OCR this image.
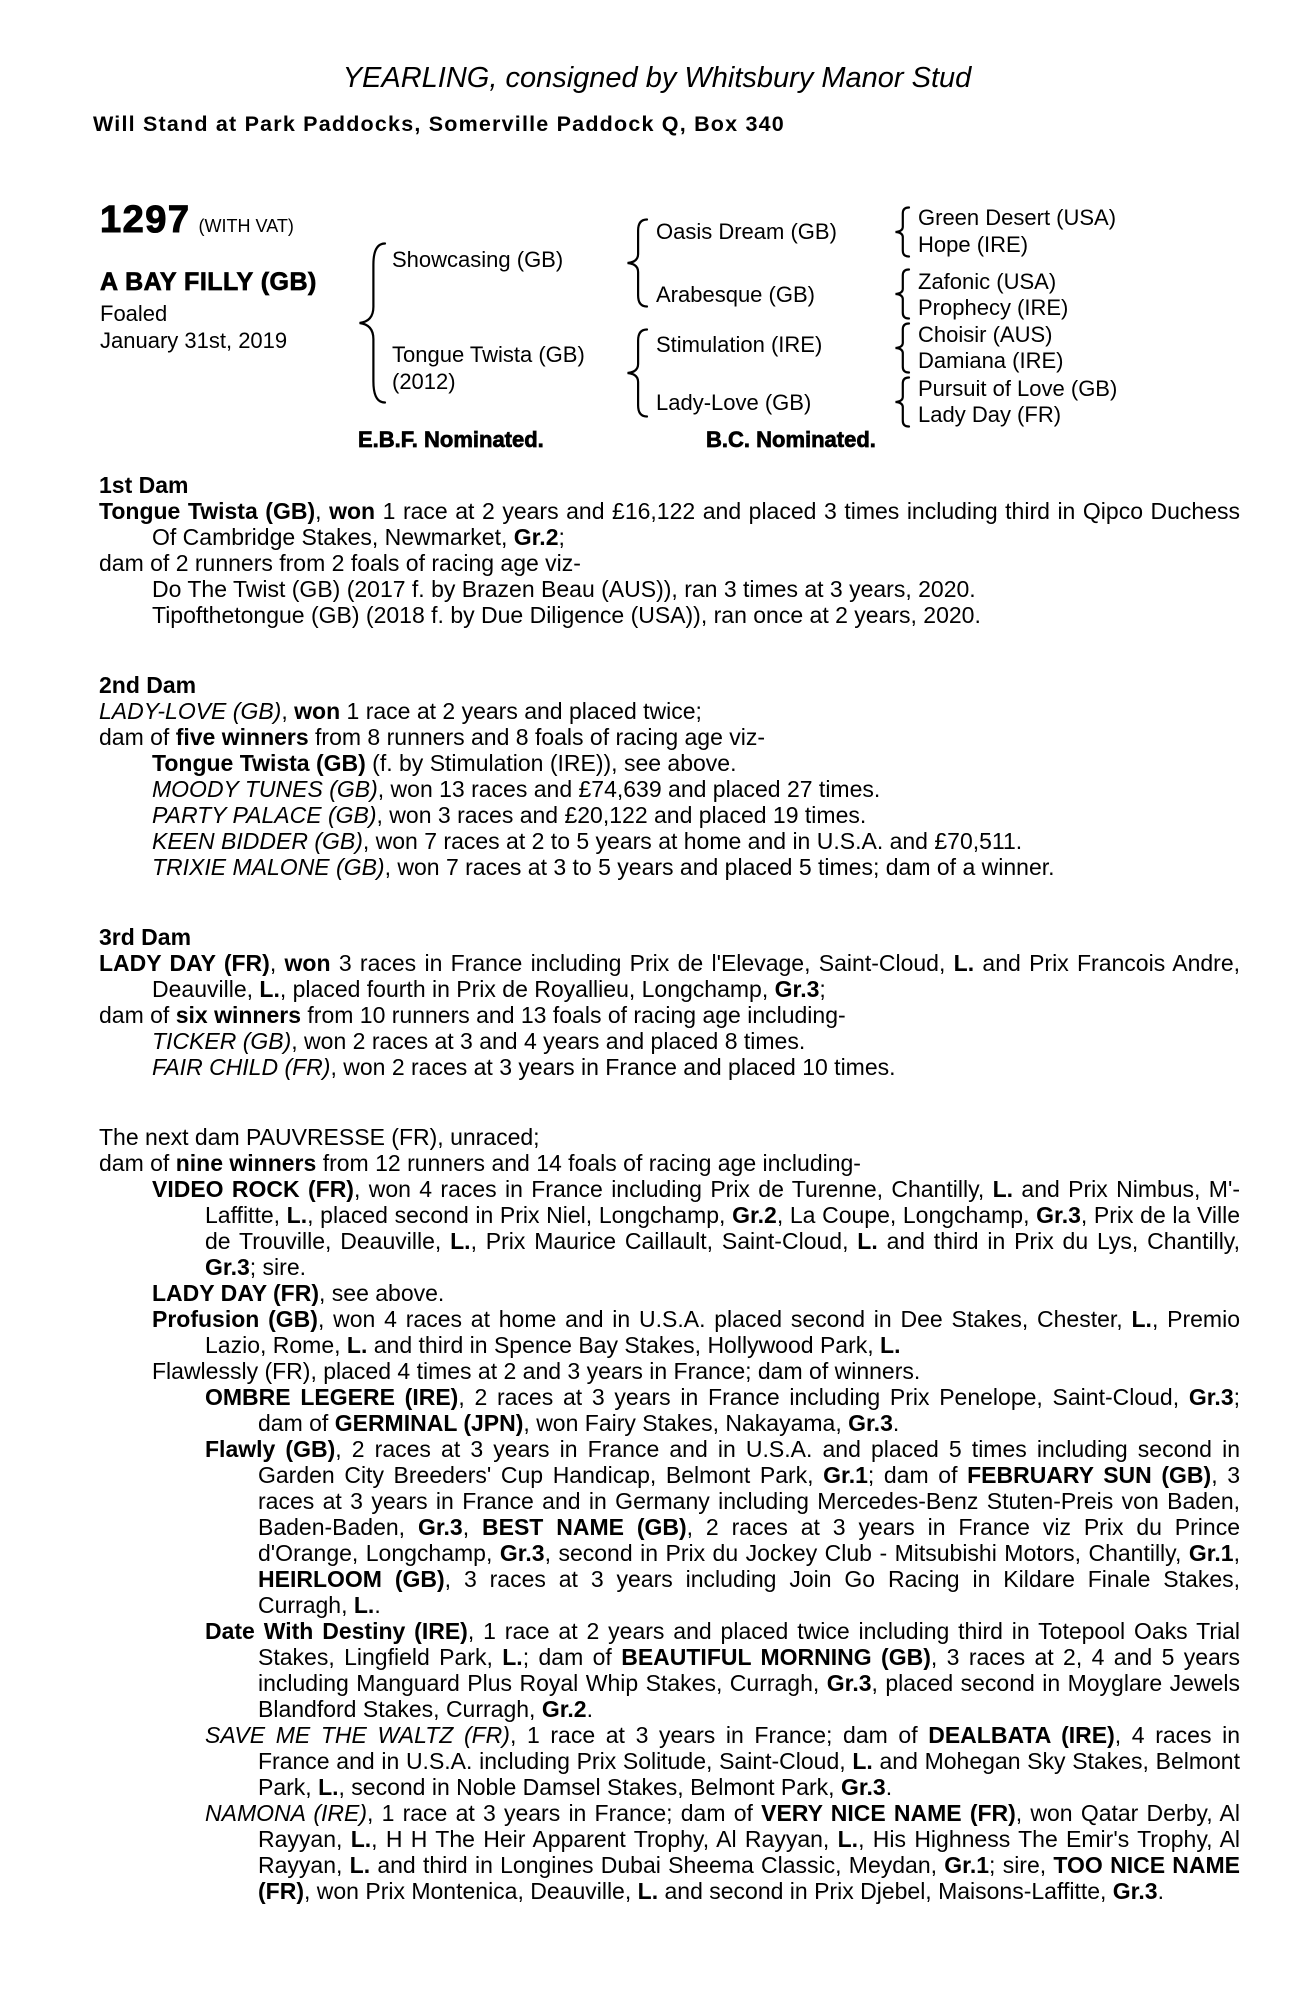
YEARLING, consigned by Whitsbury Manor Stud
Will Stand at Park Paddocks, Somerville Paddock Q, Box 340
1297 (WITH VAT)
A BAY FILLY (GB)
Foaled
January 31st, 2019
Showcasing (GB)
Tongue Twista (GB)
(2012)
Oasis Dream (GB)
Arabesque (GB)
Stimulation (IRE)
Lady-Love (GB)
Green Desert (USA)
Hope (IRE)
Zafonic (USA)
Prophecy (IRE)
Choisir (AUS)
Damiana (IRE)
Pursuit of Love (GB)
Lady Day (FR)
E.B.F. Nominated.	B.C. Nominated.
1st Dam
Tongue Twista (GB), won 1 race at 2 years and £16,122 and placed 3 times including third in Qipco Duchess Of Cambridge Stakes, Newmarket, Gr.2;
dam of 2 runners from 2 foals of racing age viz-
Do The Twist (GB) (2017 f. by Brazen Beau (AUS)), ran 3 times at 3 years, 2020.
Tipofthetongue (GB) (2018 f. by Due Diligence (USA)), ran once at 2 years, 2020.
2nd Dam
LADY-LOVE (GB), won 1 race at 2 years and placed twice;
dam of five winners from 8 runners and 8 foals of racing age viz-
Tongue Twista (GB) (f. by Stimulation (IRE)), see above.
MOODY TUNES (GB), won 13 races and £74,639 and placed 27 times.
PARTY PALACE (GB), won 3 races and £20,122 and placed 19 times.
KEEN BIDDER (GB), won 7 races at 2 to 5 years at home and in U.S.A. and £70,511.
TRIXIE MALONE (GB), won 7 races at 3 to 5 years and placed 5 times; dam of a winner.
3rd Dam
LADY DAY (FR), won 3 races in France including Prix de l'Elevage, Saint-Cloud, L. and Prix Francois Andre, Deauville, L., placed fourth in Prix de Royallieu, Longchamp, Gr.3;
dam of six winners from 10 runners and 13 foals of racing age including-
TICKER (GB), won 2 races at 3 and 4 years and placed 8 times.
FAIR CHILD (FR), won 2 races at 3 years in France and placed 10 times.
The next dam PAUVRESSE (FR), unraced;
dam of nine winners from 12 runners and 14 foals of racing age including-
VIDEO ROCK (FR), won 4 races in France including Prix de Turenne, Chantilly, L. and Prix Nimbus, M'-Laffitte, L., placed second in Prix Niel, Longchamp, Gr.2, La Coupe, Longchamp, Gr.3, Prix de la Ville de Trouville, Deauville, L., Prix Maurice Caillault, Saint-Cloud, L. and third in Prix du Lys, Chantilly, Gr.3; sire.
LADY DAY (FR), see above.
Profusion (GB), won 4 races at home and in U.S.A. placed second in Dee Stakes, Chester, L., Premio Lazio, Rome, L. and third in Spence Bay Stakes, Hollywood Park, L.
Flawlessly (FR), placed 4 times at 2 and 3 years in France; dam of winners.
OMBRE LEGERE (IRE), 2 races at 3 years in France including Prix Penelope, Saint-Cloud, Gr.3; dam of GERMINAL (JPN), won Fairy Stakes, Nakayama, Gr.3.
Flawly (GB), 2 races at 3 years in France and in U.S.A. and placed 5 times including second in Garden City Breeders' Cup Handicap, Belmont Park, Gr.1; dam of FEBRUARY SUN (GB), 3 races at 3 years in France and in Germany including Mercedes-Benz Stuten-Preis von Baden, Baden-Baden, Gr.3, BEST NAME (GB), 2 races at 3 years in France viz Prix du Prince d'Orange, Longchamp, Gr.3, second in Prix du Jockey Club - Mitsubishi Motors, Chantilly, Gr.1, HEIRLOOM (GB), 3 races at 3 years including Join Go Racing in Kildare Finale Stakes, Curragh, L..
Date With Destiny (IRE), 1 race at 2 years and placed twice including third in Totepool Oaks Trial Stakes, Lingfield Park, L.; dam of BEAUTIFUL MORNING (GB), 3 races at 2, 4 and 5 years including Manguard Plus Royal Whip Stakes, Curragh, Gr.3, placed second in Moyglare Jewels Blandford Stakes, Curragh, Gr.2.
SAVE ME THE WALTZ (FR), 1 race at 3 years in France; dam of DEALBATA (IRE), 4 races in France and in U.S.A. including Prix Solitude, Saint-Cloud, L. and Mohegan Sky Stakes, Belmont Park, L., second in Noble Damsel Stakes, Belmont Park, Gr.3.
NAMONA (IRE), 1 race at 3 years in France; dam of VERY NICE NAME (FR), won Qatar Derby, Al Rayyan, L., H H The Heir Apparent Trophy, Al Rayyan, L., His Highness The Emir's Trophy, Al Rayyan, L. and third in Longines Dubai Sheema Classic, Meydan, Gr.1; sire, TOO NICE NAME (FR), won Prix Montenica, Deauville, L. and second in Prix Djebel, Maisons-Laffitte, Gr.3.
